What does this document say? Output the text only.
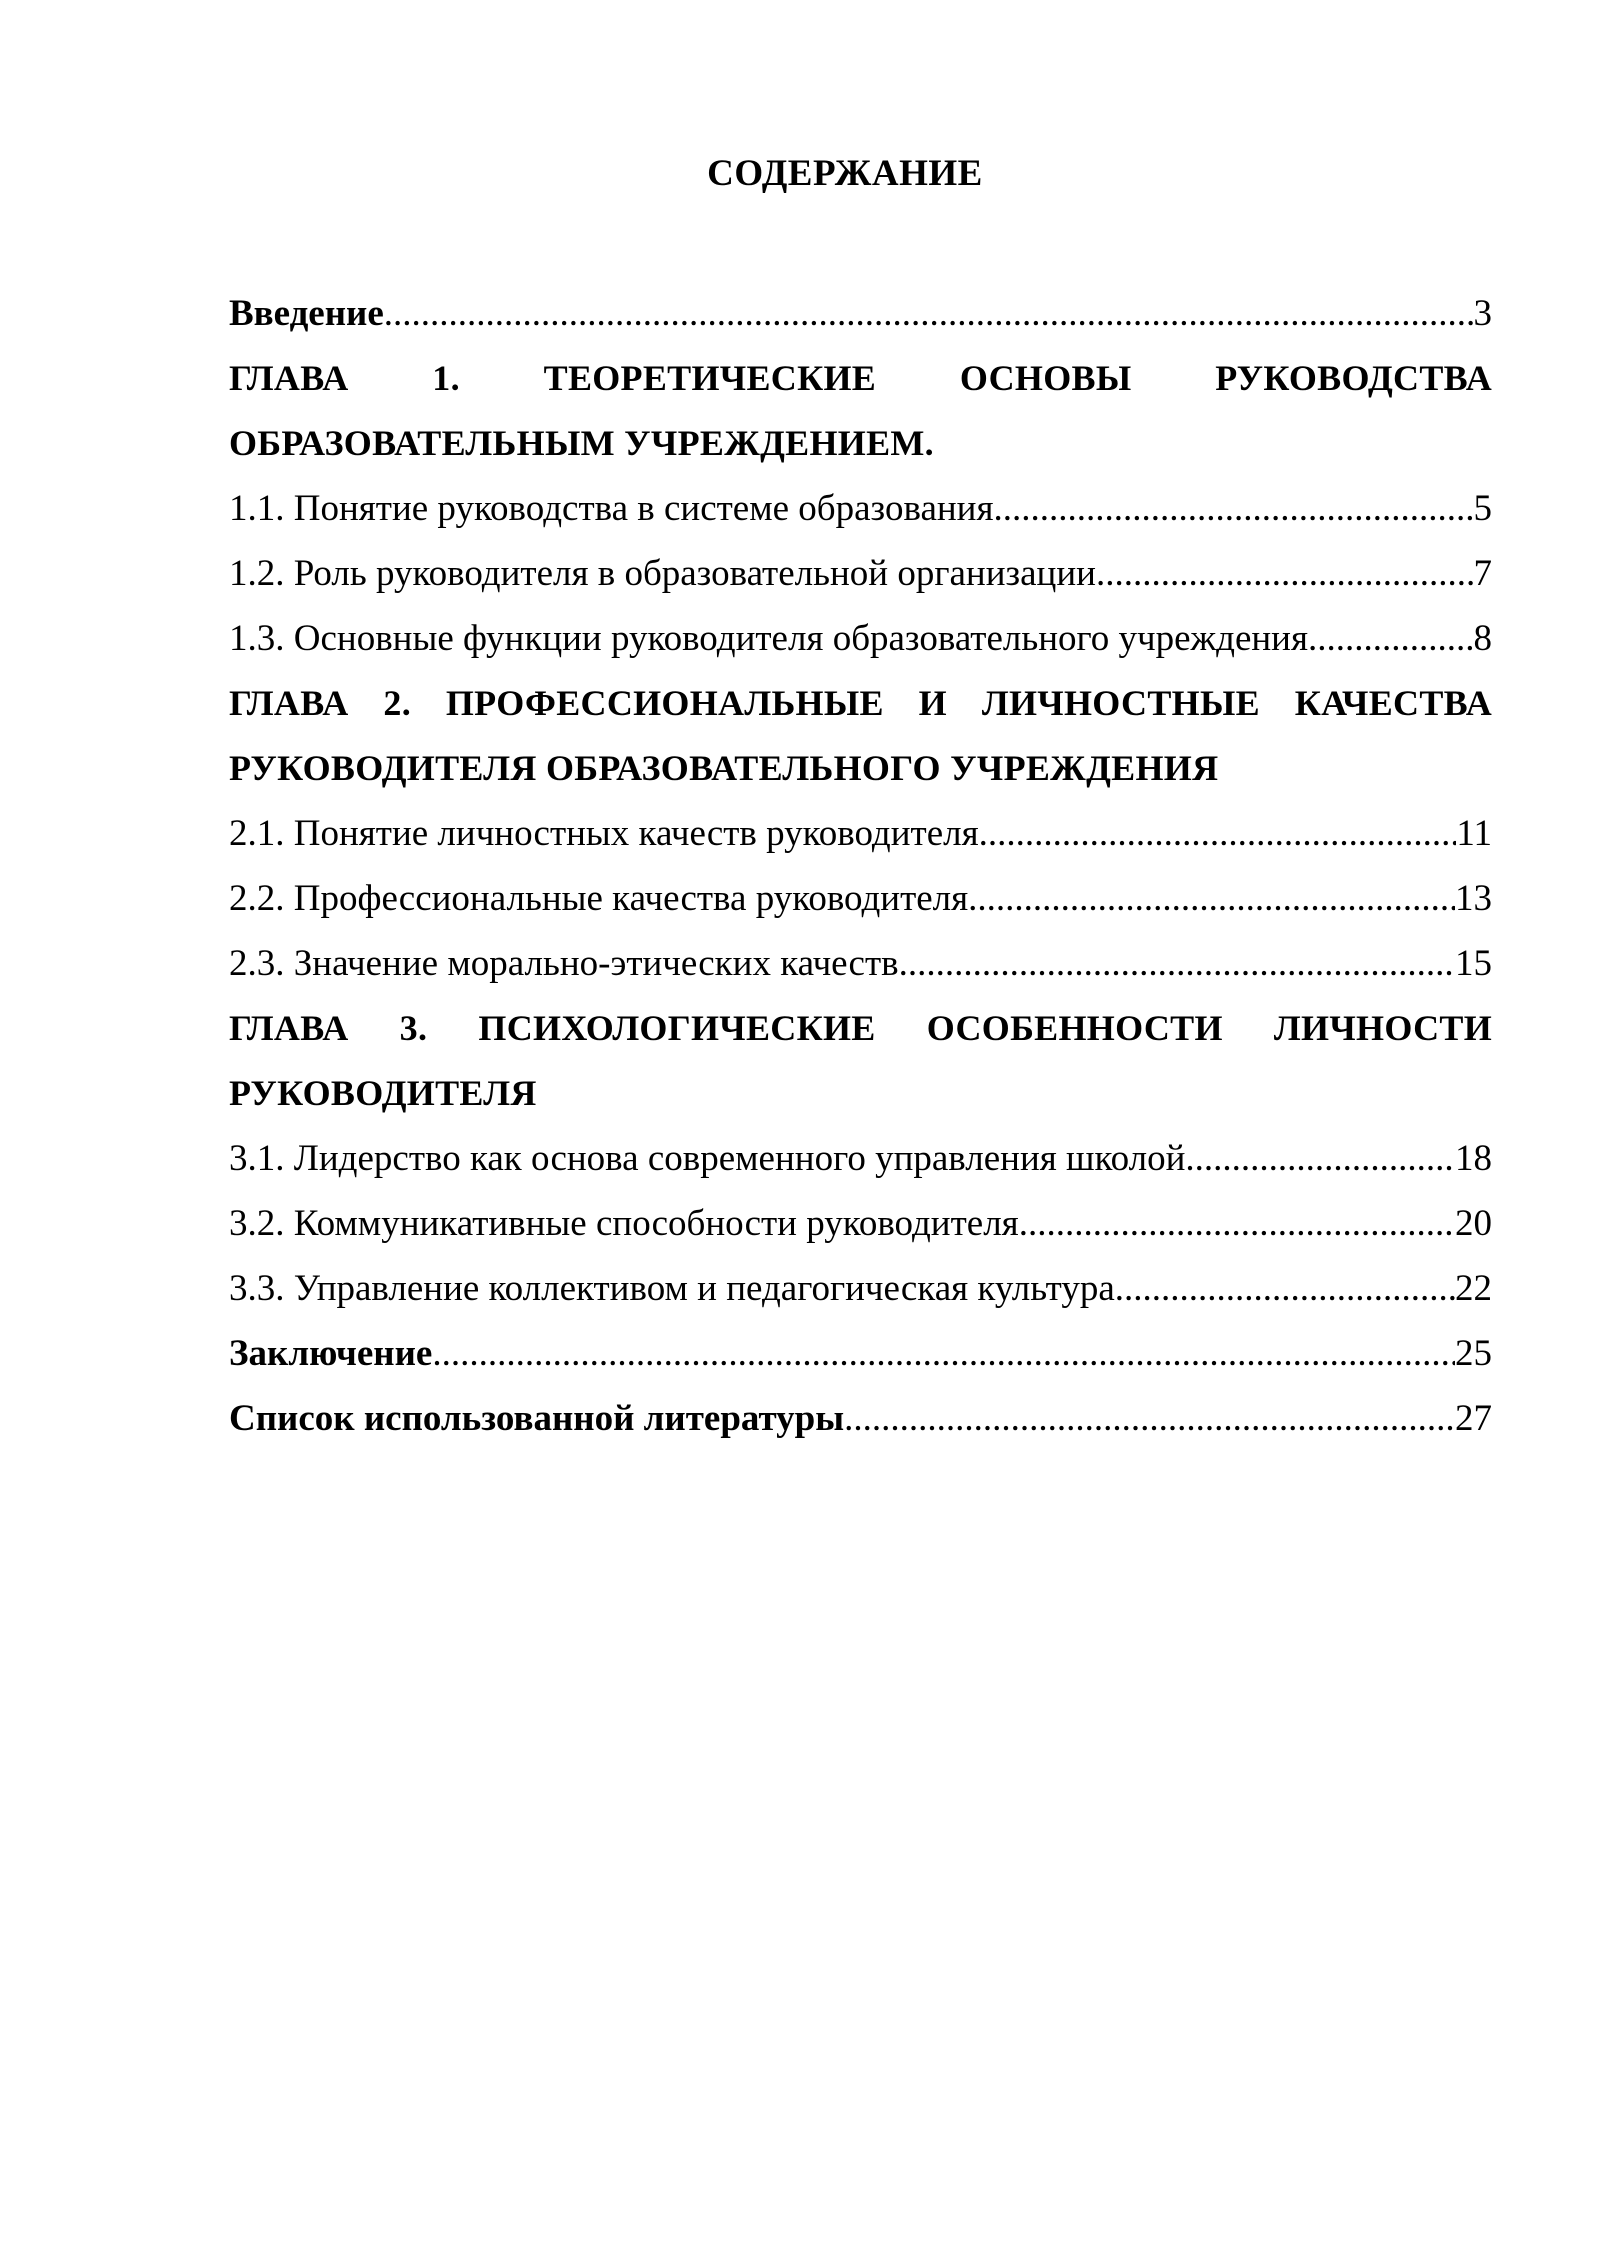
СОДЕРЖАНИЕ
Введение .....	3
ГЛАВА 1. ТЕОРЕТИЧЕСКИЕ ОСНОВЫ РУКОВОДСТВА
ОБРАЗОВАТЕЛЬНЫМ УЧРЕЖДЕНИЕМ.
1.1. Понятие руководства в системе образования .....	5
1.2. Роль руководителя в образовательной организации .....	7
1.3. Основные функции руководителя образовательного учреждения .....	8
ГЛАВА 2. ПРОФЕССИОНАЛЬНЫЕ И ЛИЧНОСТНЫЕ КАЧЕСТВА
РУКОВОДИТЕЛЯ ОБРАЗОВАТЕЛЬНОГО УЧРЕЖДЕНИЯ
2.1. Понятие личностных качеств руководителя .....	11
2.2. Профессиональные качества руководителя .....	13
2.3. Значение морально-этических качеств .....	15
ГЛАВА 3. ПСИХОЛОГИЧЕСКИЕ ОСОБЕННОСТИ ЛИЧНОСТИ
РУКОВОДИТЕЛЯ
3.1. Лидерство как основа современного управления школой .....	18
3.2. Коммуникативные способности руководителя .....	20
3.3. Управление коллективом и педагогическая культура .....	22
Заключение .....	25
Список использованной литературы .....	27
